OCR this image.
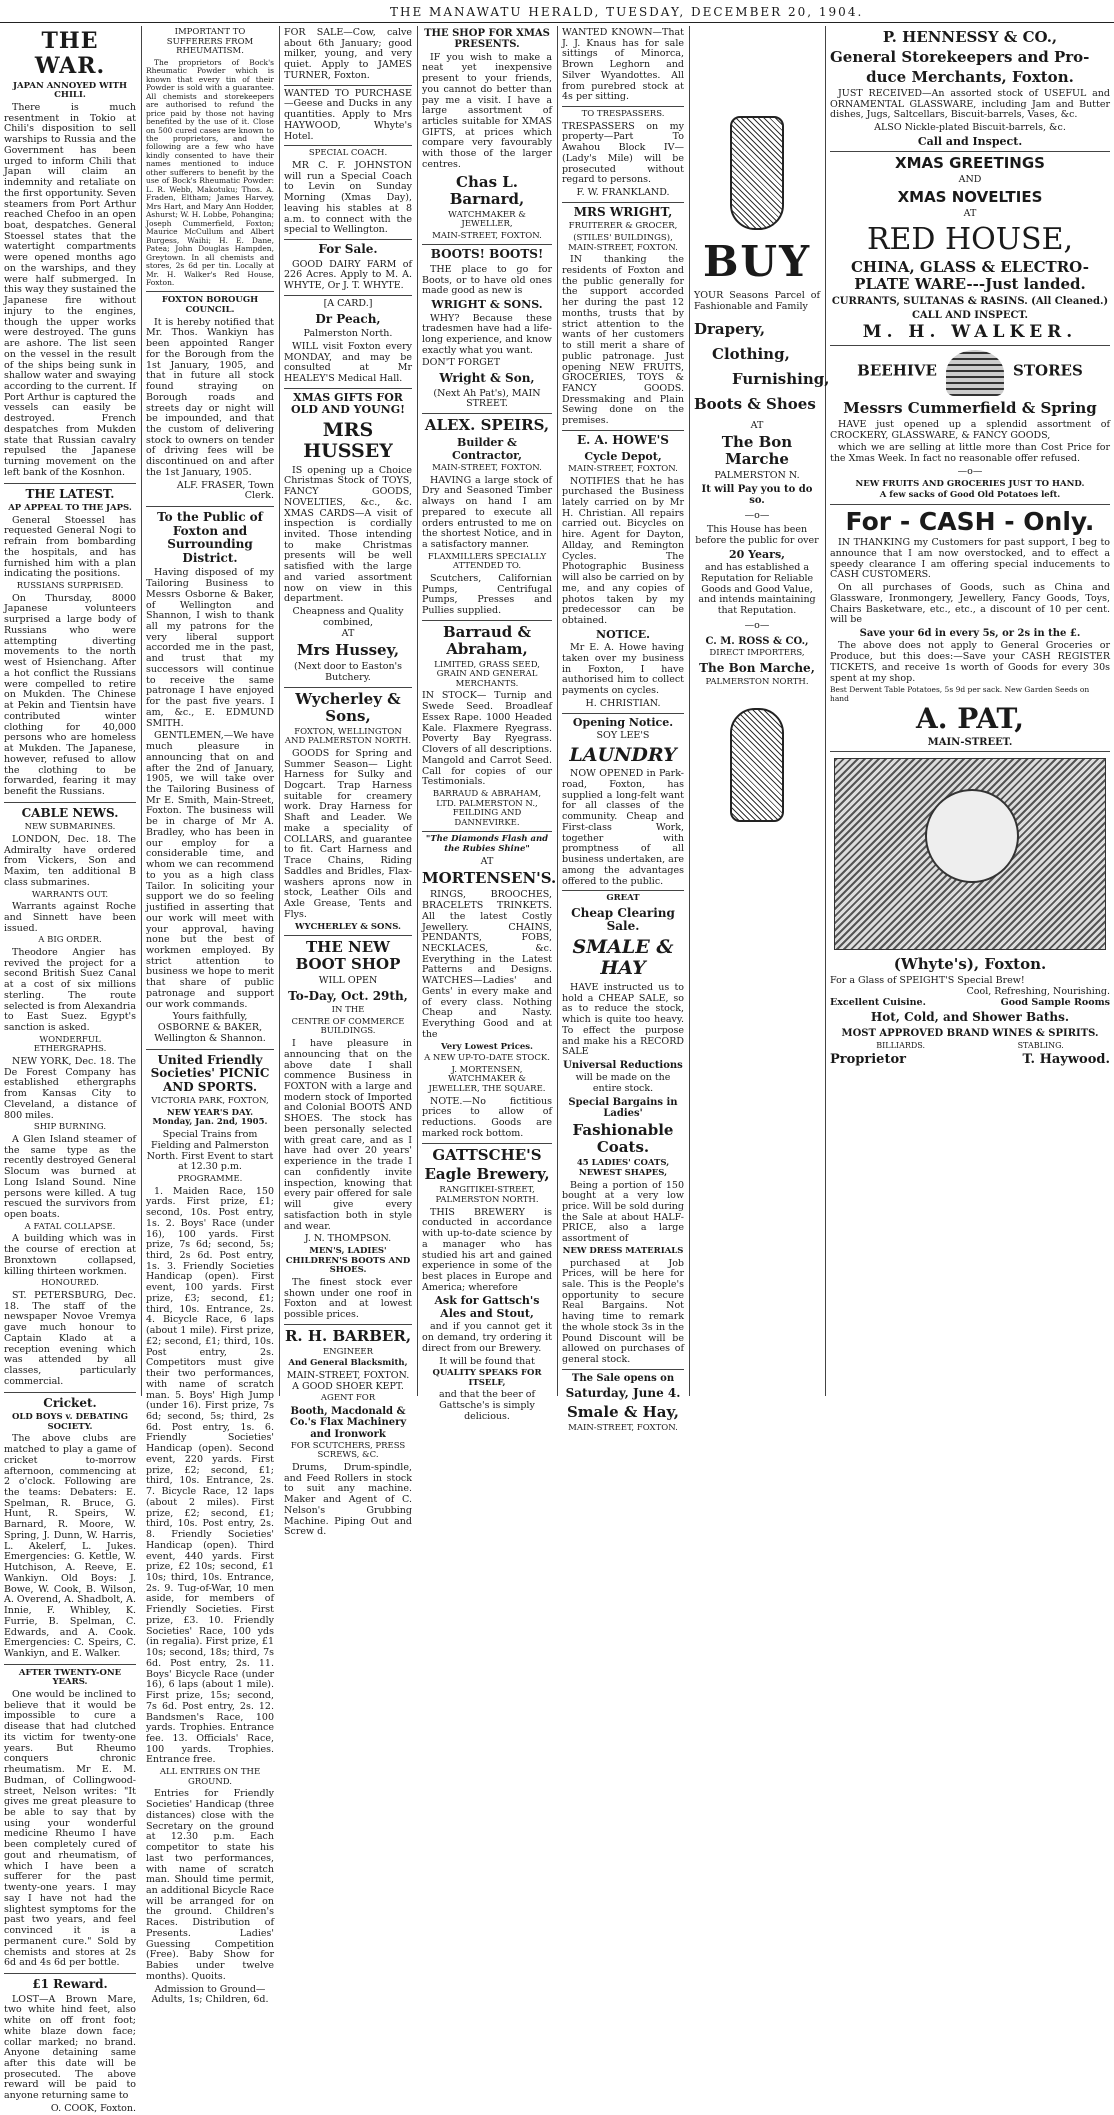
THE MANAWATU HERALD, TUESDAY, DECEMBER 20, 1904.
THE WAR.
JAPAN ANNOYED WITH CHILI.

There is much resentment in Tokio at Chili's disposition to sell warships to Russia and the Government has been urged to inform Chili that Japan will claim an indemnity and retaliate on the first opportunity. Seven steamers from Port Arthur reached Chefoo in an open boat, despatches. General Stoessel states that the watertight compartments were opened months ago on the warships, and they were half submerged. In this way they sustained the Japanese fire without injury to the engines, though the upper works were destroyed. The guns are ashore. The list seen on the vessel in the result of the ships being sunk in shallow water and swaying according to the current. If Port Arthur is captured the vessels can easily be destroyed. French despatches from Mukden state that Russian cavalry repulsed the Japanese turning movement on the left bank of the Kosnhon.

THE LATEST.
AP APPEAL TO THE JAPS.

General Stoessel has requested General Nogi to refrain from bombarding the hospitals, and has furnished him with a plan indicating the positions.

RUSSIANS SURPRISED.

On Thursday, 8000 Japanese volunteers surprised a large body of Russians who were attempting diverting movements to the north west of Hsienchang. After a hot conflict the Russians were compelled to retire on Mukden. The Chinese at Pekin and Tientsin have contributed winter clothing for 40,000 persons who are homeless at Mukden. The Japanese, however, refused to allow the clothing to be forwarded, fearing it may benefit the Russians.

CABLE NEWS.
NEW SUBMARINES.

LONDON, Dec. 18. The Admiralty have ordered from Vickers, Son and Maxim, ten additional B class submarines.

WARRANTS OUT.

Warrants against Roche and Sinnett have been issued.

A BIG ORDER.

Theodore Angier has revived the project for a second British Suez Canal at a cost of six millions sterling. The route selected is from Alexandria to East Suez. Egypt's sanction is asked.

WONDERFUL ETHERGRAPHS.

NEW YORK, Dec. 18. The De Forest Company has established ethergraphs from Kansas City to Cleveland, a distance of 800 miles.

SHIP BURNING.

A Glen Island steamer of the same type as the recently destroyed General Slocum was burned at Long Island Sound. Nine persons were killed. A tug rescued the survivors from open boats.

A FATAL COLLAPSE.

A building which was in the course of erection at Bronxtown collapsed, killing thirteen workmen.

HONOURED.

ST. PETERSBURG, Dec. 18. The staff of the newspaper Novoe Vremya gave much honour to Captain Klado at a reception evening which was attended by all classes, particularly commercial.

Cricket.
OLD BOYS v. DEBATING SOCIETY.

The above clubs are matched to play a game of cricket to-morrow afternoon, commencing at 2 o'clock. Following are the teams: Debaters: E. Spelman, R. Bruce, G. Hunt, R. Speirs, W. Barnard, R. Moore, W. Spring, J. Dunn, W. Harris, L. Akelerf, L. Jukes. Emergencies: G. Kettle, W. Hutchison, A. Reeve, E. Wankiyn. Old Boys: J. Bowe, W. Cook, B. Wilson, A. Overend, A. Shadbolt, A. Innie, F. Whibley, K. Furrie, B. Spelman, C. Edwards, and A. Cook. Emergencies: C. Speirs, C. Wankiyn, and E. Walker.

AFTER TWENTY-ONE YEARS.

One would be inclined to believe that it would be impossible to cure a disease that had clutched its victim for twenty-one years. But Rheumo conquers chronic rheumatism. Mr E. M. Budman, of Collingwood-street, Nelson writes: "It gives me great pleasure to be able to say that by using your wonderful medicine Rheumo I have been completely cured of gout and rheumatism, of which I have been a sufferer for the past twenty-one years. I may say I have not had the slightest symptoms for the past two years, and feel convinced it is a permanent cure." Sold by chemists and stores at 2s 6d and 4s 6d per bottle.

£1 Reward.

LOST—A Brown Mare, two white hind feet, also white on off front foot; white blaze down face; collar marked; no brand. Anyone detaining same after this date will be prosecuted. The above reward will be paid to anyone returning same to

O. COOK, Foxton.
IMPORTANT TO SUFFERERS FROM RHEUMATISM.

The proprietors of Bock's Rheumatic Powder which is known that every tin of their Powder is sold with a guarantee. All chemists and storekeepers are authorised to refund the price paid by those not having benefited by the use of it. Close on 500 cured cases are known to the proprietors, and the following are a few who have kindly consented to have their names mentioned to induce other sufferers to benefit by the use of Bock's Rheumatic Powder: L. R. Webb, Makotuku; Thos. A. Fraden, Eltham; James Harvey, Mrs Hart, and Mary Ann Hodder, Ashurst; W. H. Lobbe, Pohangina; Joseph Cummerfield, Foxton; Maurice McCullum and Albert Burgess, Waihi; H. E. Dane, Patea; John Douglas Hampden, Greytown. In all chemists and stores, 2s 6d per tin. Locally at Mr. H. Walker's Red House, Foxton.

FOXTON BOROUGH COUNCIL.

It is hereby notified that Mr. Thos. Wankiyn has been appointed Ranger for the Borough from the 1st January, 1905, and that in future all stock found straying on Borough roads and streets day or night will be impounded, and that the custom of delivering stock to owners on tender of driving fees will be discontinued on and after the 1st January, 1905.

ALF. FRASER, Town Clerk.
To the Public of Foxton and Surrounding District.

Having disposed of my Tailoring Business to Messrs Osborne & Baker, of Wellington and Shannon, I wish to thank all my patrons for the very liberal support accorded me in the past, and trust that my successors will continue to receive the same patronage I have enjoyed for the past five years. I am, &c., E. EDMUND SMITH.

GENTLEMEN,—We have much pleasure in announcing that on and after the 2nd of January, 1905, we will take over the Tailoring Business of Mr E. Smith, Main-Street, Foxton. The business will be in charge of Mr A. Bradley, who has been in our employ for a considerable time, and whom we can recommend to you as a high class Tailor. In soliciting your support we do so feeling justified in asserting that our work will meet with your approval, having none but the best of workmen employed. By strict attention to business we hope to merit that share of public patronage and support our work commands.

Yours faithfully, OSBORNE & BAKER, Wellington & Shannon.
United Friendly Societies' PICNIC AND SPORTS.
VICTORIA PARK, FOXTON,
NEW YEAR'S DAY. Monday, Jan. 2nd, 1905.

Special Trains from Fielding and Palmerston North. First Event to start at 12.30 p.m.

PROGRAMME.

1. Maiden Race, 150 yards. First prize, £1; second, 10s. Post entry, 1s. 2. Boys' Race (under 16), 100 yards. First prize, 7s 6d; second, 5s; third, 2s 6d. Post entry, 1s. 3. Friendly Societies Handicap (open). First event, 100 yards. First prize, £3; second, £1; third, 10s. Entrance, 2s. 4. Bicycle Race, 6 laps (about 1 mile). First prize, £2; second, £1; third, 10s. Post entry, 2s. Competitors must give their two performances, with name of scratch man. 5. Boys' High Jump (under 16). First prize, 7s 6d; second, 5s; third, 2s 6d. Post entry, 1s. 6. Friendly Societies' Handicap (open). Second event, 220 yards. First prize, £2; second, £1; third, 10s. Entrance, 2s. 7. Bicycle Race, 12 laps (about 2 miles). First prize, £2; second, £1; third, 10s. Post entry, 2s. 8. Friendly Societies' Handicap (open). Third event, 440 yards. First prize, £2 10s; second, £1 10s; third, 10s. Entrance, 2s. 9. Tug-of-War, 10 men aside, for members of Friendly Societies. First prize, £3. 10. Friendly Societies' Race, 100 yds (in regalia). First prize, £1 10s; second, 18s; third, 7s 6d. Post entry, 2s. 11. Boys' Bicycle Race (under 16), 6 laps (about 1 mile). First prize, 15s; second, 7s 6d. Post entry, 2s. 12. Bandsmen's Race, 100 yards. Trophies. Entrance fee. 13. Officials' Race, 100 yards. Trophies. Entrance free.

ALL ENTRIES ON THE GROUND.

Entries for Friendly Societies' Handicap (three distances) close with the Secretary on the ground at 12.30 p.m. Each competitor to state his last two performances, with name of scratch man. Should time permit, an additional Bicycle Race will be arranged for on the ground. Children's Races. Distribution of Presents. Ladies' Guessing Competition (Free). Baby Show for Babies under twelve months). Quoits.

Admission to Ground—Adults, 1s; Children, 6d.

FOR SALE—Cow, calve about 6th January; good milker, young, and very quiet. Apply to JAMES TURNER, Foxton.

WANTED TO PURCHASE—Geese and Ducks in any quantities. Apply to Mrs HAYWOOD, Whyte's Hotel.

SPECIAL COACH.

MR C. F. JOHNSTON will run a Special Coach to Levin on Sunday Morning (Xmas Day), leaving his stables at 8 a.m. to connect with the special to Wellington.

For Sale.

GOOD DAIRY FARM of 226 Acres. Apply to M. A. WHYTE, Or J. T. WHYTE.

[A CARD.]
Dr Peach,
Palmerston North.

WILL visit Foxton every MONDAY, and may be consulted at Mr HEALEY'S Medical Hall.

XMAS GIFTS FOR OLD AND YOUNG!
MRS HUSSEY

IS opening up a Choice Christmas Stock of TOYS, FANCY GOODS, NOVELTIES, &c., &c. XMAS CARDS—A visit of inspection is cordially invited. Those intending to make Christmas presents will be well satisfied with the large and varied assortment now on view in this department.

Cheapness and Quality combined,
AT
Mrs Hussey,
(Next door to Easton's Butchery.
Wycherley & Sons,
FOXTON, WELLINGTON AND PALMERSTON NORTH.

GOODS for Spring and Summer Season— Light Harness for Sulky and Dogcart. Trap Harness suitable for creamery work. Dray Harness for Shaft and Leader. We make a speciality of COLLARS, and guarantee to fit. Cart Harness and Trace Chains, Riding Saddles and Bridles, Flax-washers aprons now in stock, Leather Oils and Axle Grease, Tents and Flys.

WYCHERLEY & SONS.
THE NEW BOOT SHOP
WILL OPEN
To-Day, Oct. 29th,
IN THE
CENTRE OF COMMERCE BUILDINGS.

I have pleasure in announcing that on the above date I shall commence Business in FOXTON with a large and modern stock of Imported and Colonial BOOTS AND SHOES. The stock has been personally selected with great care, and as I have had over 20 years' experience in the trade I can confidently invite inspection, knowing that every pair offered for sale will give every satisfaction both in style and wear.

J. N. THOMPSON.
MEN'S, LADIES' CHILDREN'S BOOTS AND SHOES.

The finest stock ever shown under one roof in Foxton and at lowest possible prices.

R. H. BARBER,
ENGINEER
And General Blacksmith,
MAIN-STREET, FOXTON. A GOOD SHOER KEPT.
AGENT FOR
Booth, Macdonald & Co.'s Flax Machinery and Ironwork
FOR SCUTCHERS, PRESS SCREWS, &C.

Drums, Drum-spindle, and Feed Rollers in stock to suit any machine. Maker and Agent of C. Nelson's Grubbing Machine. Piping Out and Screw d.

THE SHOP FOR XMAS PRESENTS.

IF you wish to make a neat yet inexpensive present to your friends, you cannot do better than pay me a visit. I have a large assortment of articles suitable for XMAS GIFTS, at prices which compare very favourably with those of the larger centres.

Chas L. Barnard,
WATCHMAKER & JEWELLER,
MAIN-STREET, FOXTON.
BOOTS! BOOTS!

THE place to go for Boots, or to have old ones made good as new is

WRIGHT & SONS.

WHY? Because these tradesmen have had a life-long experience, and know exactly what you want.

DON'T FORGET
Wright & Son,
(Next Ah Pat's), MAIN STREET.
ALEX. SPEIRS,
Builder & Contractor,
MAIN-STREET, FOXTON.

HAVING a large stock of Dry and Seasoned Timber always on hand I am prepared to execute all orders entrusted to me on the shortest Notice, and in a satisfactory manner.

FLAXMILLERS SPECIALLY ATTENDED TO.

Scutchers, Californian Pumps, Centrifugal Pumps, Presses and Pullies supplied.

Barraud & Abraham,
LIMITED, GRASS SEED, GRAIN AND GENERAL MERCHANTS.

IN STOCK— Turnip and Swede Seed. Broadleaf Essex Rape. 1000 Headed Kale. Flaxmere Ryegrass. Poverty Bay Ryegrass. Clovers of all descriptions. Mangold and Carrot Seed. Call for copies of our Testimonials.

BARRAUD & ABRAHAM, LTD. PALMERSTON N., FEILDING AND DANNEVIRKE.
"The Diamonds Flash and the Rubies Shine"
AT
MORTENSEN'S.

RINGS, BROOCHES, BRACELETS TRINKETS. All the latest Costly Jewellery. CHAINS, PENDANTS, FOBS, NECKLACES, &c. Everything in the Latest Patterns and Designs. WATCHES—Ladies' and Gents' in every make and of every class. Nothing Cheap and Nasty. Everything Good and at the

Very Lowest Prices.
A NEW UP-TO-DATE STOCK.
J. MORTENSEN, WATCHMAKER & JEWELLER, THE SQUARE.

NOTE.—No fictitious prices to allow of reductions. Goods are marked rock bottom.

GATTSCHE'S
Eagle Brewery,
RANGITIKEI-STREET, PALMERSTON NORTH.

THIS BREWERY is conducted in accordance with up-to-date science by a manager who has studied his art and gained experience in some of the best places in Europe and America; wherefore

Ask for Gattsch's Ales and Stout,

and if you cannot get it on demand, try ordering it direct from our Brewery.

It will be found that
QUALITY SPEAKS FOR ITSELF,
and that the beer of Gattsche's is simply delicious.

WANTED KNOWN—That J. J. Knaus has for sale sittings of Minorca, Brown Leghorn and Silver Wyandottes. All from purebred stock at 4s per sitting.

TO TRESPASSERS.

TRESPASSERS on my property—Part To Awahou Block IV—(Lady's Mile) will be prosecuted without regard to persons.

F. W. FRANKLAND.
MRS WRIGHT,
FRUITERER & GROCER,
(STILES' BUILDINGS), MAIN-STREET, FOXTON.

IN thanking the residents of Foxton and the public generally for the support accorded her during the past 12 months, trusts that by strict attention to the wants of her customers to still merit a share of public patronage. Just opening NEW FRUITS, GROCERIES, TOYS & FANCY GOODS. Dressmaking and Plain Sewing done on the premises.

E. A. HOWE'S
Cycle Depot,
MAIN-STREET, FOXTON.

NOTIFIES that he has purchased the Business lately carried on by Mr H. Christian. All repairs carried out. Bicycles on hire. Agent for Dayton, Allday, and Remington Cycles. The Photographic Business will also be carried on by me, and any copies of photos taken by my predecessor can be obtained.

NOTICE.

Mr E. A. Howe having taken over my business in Foxton, I have authorised him to collect payments on cycles.

H. CHRISTIAN.
Opening Notice.
SOY LEE'S
LAUNDRY

NOW OPENED in Park-road, Foxton, has supplied a long-felt want for all classes of the community. Cheap and First-class Work, together with promptness of all business undertaken, are among the advantages offered to the public.

GREAT
Cheap Clearing Sale.
SMALE & HAY

HAVE instructed us to hold a CHEAP SALE, so as to reduce the stock, which is quite too heavy. To effect the purpose and make his a RECORD SALE

Universal Reductions
will be made on the entire stock.
Special Bargains in Ladies'
Fashionable Coats.
45 LADIES' COATS, NEWEST SHAPES,

Being a portion of 150 bought at a very low price. Will be sold during the Sale at about HALF-PRICE, also a large assortment of

NEW DRESS MATERIALS

purchased at Job Prices, will be here for sale. This is the People's opportunity to secure Real Bargains. Not having time to remark the whole stock 3s in the Pound Discount will be allowed on purchases of general stock.

The Sale opens on
Saturday, June 4.
Smale & Hay,
MAIN-STREET, FOXTON.
BUY

YOUR Seasons Parcel of Fashionable and Family

Drapery,
Clothing,
Furnishing,
Boots & Shoes
AT
The Bon Marche
PALMERSTON N.
It will Pay you to do so.
—o—

This House has been before the public for over

20 Years,

and has established a Reputation for Reliable Goods and Good Value, and intends maintaining that Reputation.

—o—
C. M. ROSS & CO.,
DIRECT IMPORTERS,
The Bon Marche,
PALMERSTON NORTH.
P. HENNESSY & CO.,
General Storekeepers and Pro-
duce Merchants, Foxton.

JUST RECEIVED—An assorted stock of USEFUL and ORNAMENTAL GLASSWARE, including Jam and Butter dishes, Jugs, Saltcellars, Biscuit-barrels, Vases, &c.

ALSO Nickle-plated Biscuit-barrels, &c.
Call and Inspect.
XMAS GREETINGS
AND
XMAS NOVELTIES
AT
RED HOUSE,
CHINA, GLASS & ELECTRO-PLATE WARE---Just landed.
CURRANTS, SULTANAS & RASINS. (All Cleaned.)
CALL AND INSPECT.
M. H. WALKER.
BEEHIVE	STORES
Messrs Cummerfield & Spring

HAVE just opened up a splendid assortment of CROCKERY, GLASSWARE, & FANCY GOODS,

which we are selling at little more than Cost Price for the Xmas Week. In fact no reasonable offer refused.

—o—
NEW FRUITS AND GROCERIES JUST TO HAND.
A few sacks of Good Old Potatoes left.
For - CASH - Only.

IN THANKING my Customers for past support, I beg to announce that I am now overstocked, and to effect a speedy clearance I am offering special inducements to CASH CUSTOMERS.

On all purchases of Goods, such as China and Glassware, Ironmongery, Jewellery, Fancy Goods, Toys, Chairs Basketware, etc., etc., a discount of 10 per cent. will be

Save your 6d in every 5s, or 2s in the £.

The above does not apply to General Groceries or Produce, but this does:—Save your CASH REGISTER TICKETS, and receive 1s worth of Goods for every 30s spent at my shop.

Best Derwent Table Potatoes, 5s 9d per sack. New Garden Seeds on hand
A. PAT,
MAIN-STREET.
(Whyte's), Foxton.
For a Glass of SPEIGHT'S Special Brew!
Cool, Refreshing, Nourishing.
Excellent Cuisine.	Good Sample Rooms
Hot, Cold, and Shower Baths.
MOST APPROVED BRAND WINES & SPIRITS.
BILLIARDS.	STABLING.
Proprietor	T. Haywood.
